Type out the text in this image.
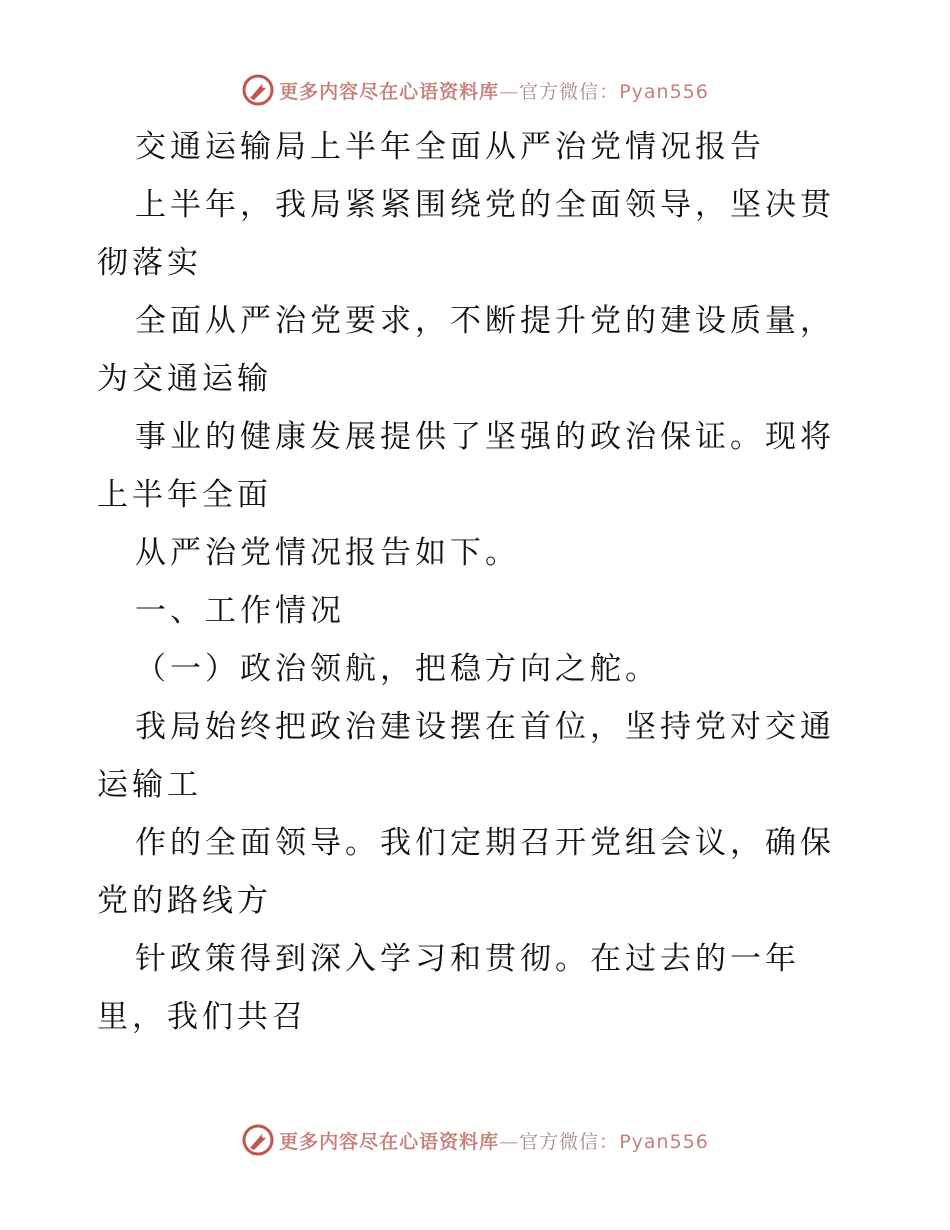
更多内容尽在心语资料库—官方微信：Pyan556

交通运输局上半年全面从严治党情况报告

上半年，我局紧紧围绕党的全面领导，坚决贯彻落实

全面从严治党要求，不断提升党的建设质量，为交通运输

事业的健康发展提供了坚强的政治保证。现将上半年全面

从严治党情况报告如下。

一、工作情况

（一）政治领航，把稳方向之舵。

我局始终把政治建设摆在首位，坚持党对交通运输工

作的全面领导。我们定期召开党组会议，确保党的路线方

针政策得到深入学习和贯彻。在过去的一年里，我们共召

更多内容尽在心语资料库—官方微信：Pyan556
